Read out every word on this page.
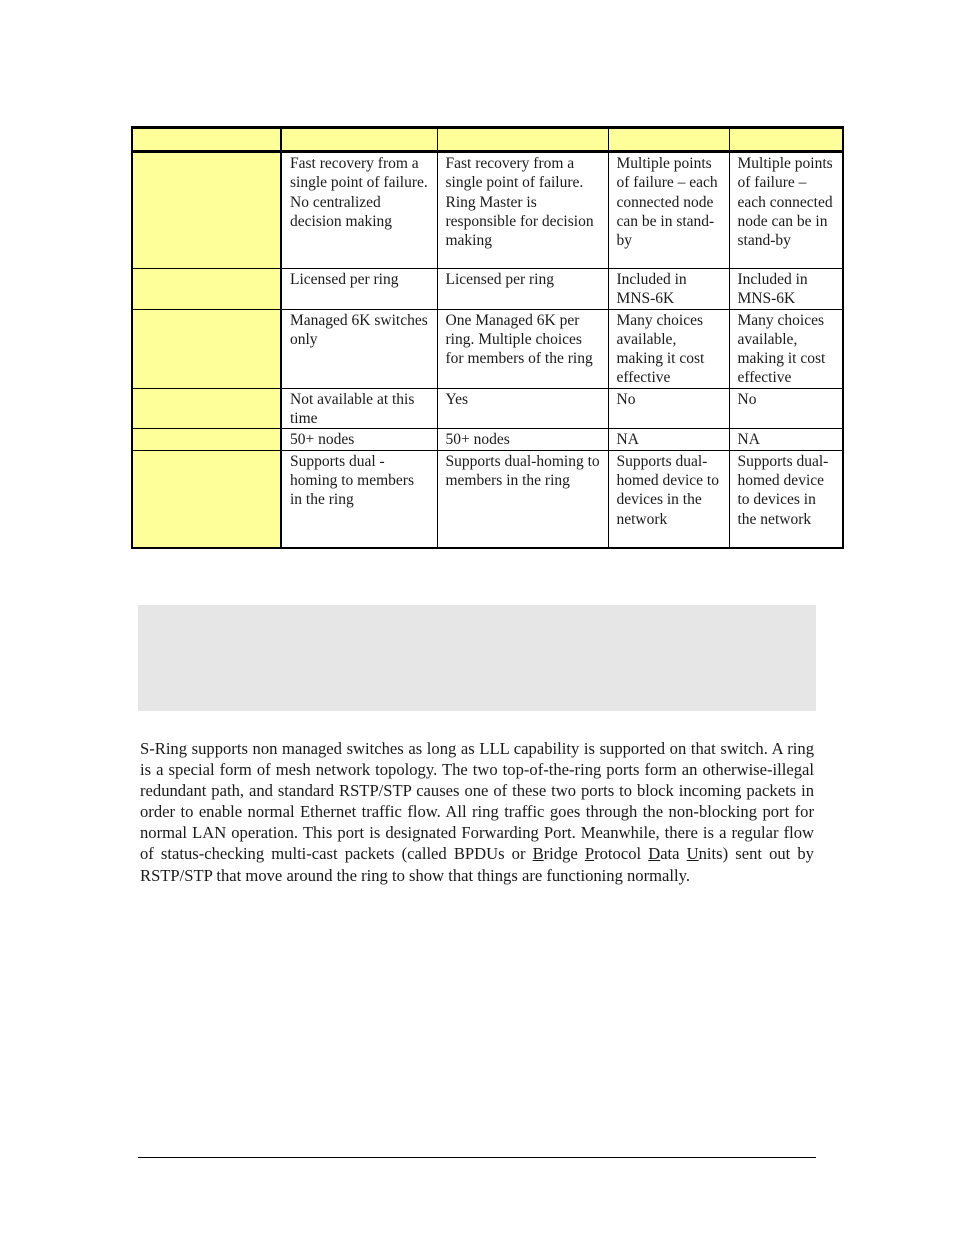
	Fast recovery from a single point of failure. No centralized decision making	Fast recovery from a single point of failure. Ring Master is responsible for decision making	Multiple points of failure – each connected node can be in stand-by	Multiple points of failure – each connected node can be in stand-by
	Licensed per ring	Licensed per ring	Included in MNS-6K	Included in MNS-6K
	Managed 6K switches only	One Managed 6K per ring. Multiple choices for members of the ring	Many choices available, making it cost effective	Many choices available, making it cost effective
	Not available at this time	Yes	No	No
	50+ nodes	50+ nodes	NA	NA
	Supports dual - homing to members in the ring	Supports dual-homing to members in the ring	Supports dual-homed device to devices in the network	Supports dual-homed device to devices in the network

S-Ring supports non managed switches as long as LLL capability is supported on that switch. A ring is a special form of mesh network topology. The two top-of-the-ring ports form an otherwise-illegal redundant path, and standard RSTP/STP causes one of these two ports to block incoming packets in order to enable normal Ethernet traffic flow. All ring traffic goes through the non-blocking port for normal LAN operation. This port is designated Forwarding Port. Meanwhile, there is a regular flow of status-checking multi-cast packets (called BPDUs or Bridge Protocol Data Units) sent out by RSTP/STP that move around the ring to show that things are functioning normally.
